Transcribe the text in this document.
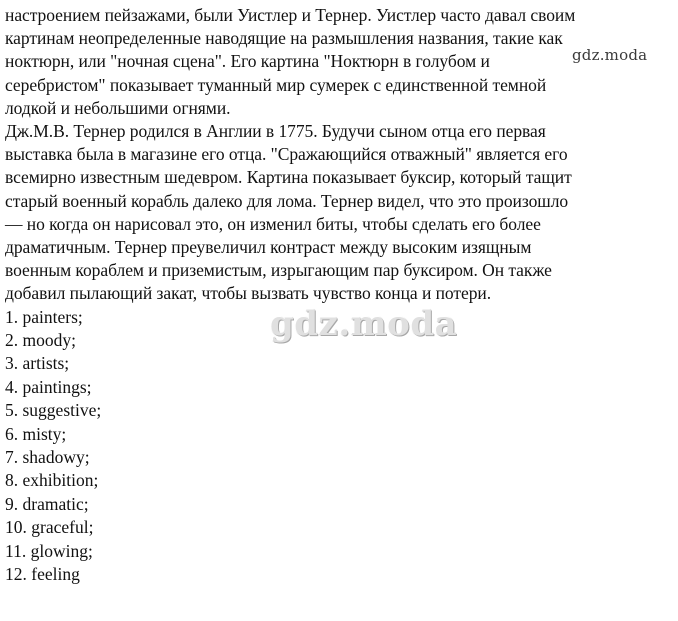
настроением пейзажами, были Уистлер и Тернер. Уистлер часто давал своим
картинам неопределенные наводящие на размышления названия, такие как
ноктюрн, или "ночная сцена". Его картина "Ноктюрн в голубом и
серебристом" показывает туманный мир сумерек с единственной темной
лодкой и небольшими огнями.
Дж.М.В. Тернер родился в Англии в 1775. Будучи сыном отца его первая
выставка была в магазине его отца. "Сражающийся отважный" является его
всемирно известным шедевром. Картина показывает буксир, который тащит
старый военный корабль далеко для лома. Тернер видел, что это произошло
— но когда он нарисовал это, он изменил биты, чтобы сделать его более
драматичным. Тернер преувеличил контраст между высоким изящным
военным кораблем и приземистым, изрыгающим пар буксиром. Он также
добавил пылающий закат, чтобы вызвать чувство конца и потери.
1. painters;
2. moody;
3. artists;
4. paintings;
5. suggestive;
6. misty;
7. shadowy;
8. exhibition;
9. dramatic;
10. graceful;
11. glowing;
12. feeling
gdz.moda
gdz.moda
